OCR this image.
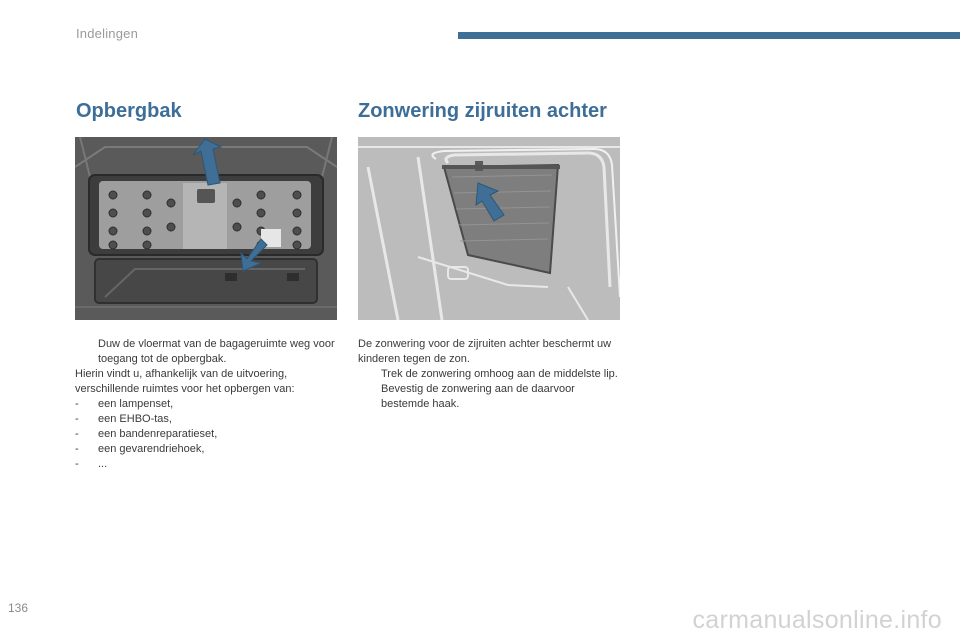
Indelingen
Opbergbak	Zonwering zijruiten achter
Duw de vloermat van de bagageruimte weg voor toegang tot de opbergbak.
Hierin vindt u, afhankelijk van de uitvoering,
verschillende ruimtes voor het opbergen van:
- een lampenset,
- een EHBO-tas,
- een bandenreparatieset,
- een gevarendriehoek,
- ...
De zonwering voor de zijruiten achter beschermt uw kinderen tegen de zon.
Trek de zonwering omhoog aan de middelste lip.
Bevestig de zonwering aan de daarvoor bestemde haak.
136	carmanualsonline.info
